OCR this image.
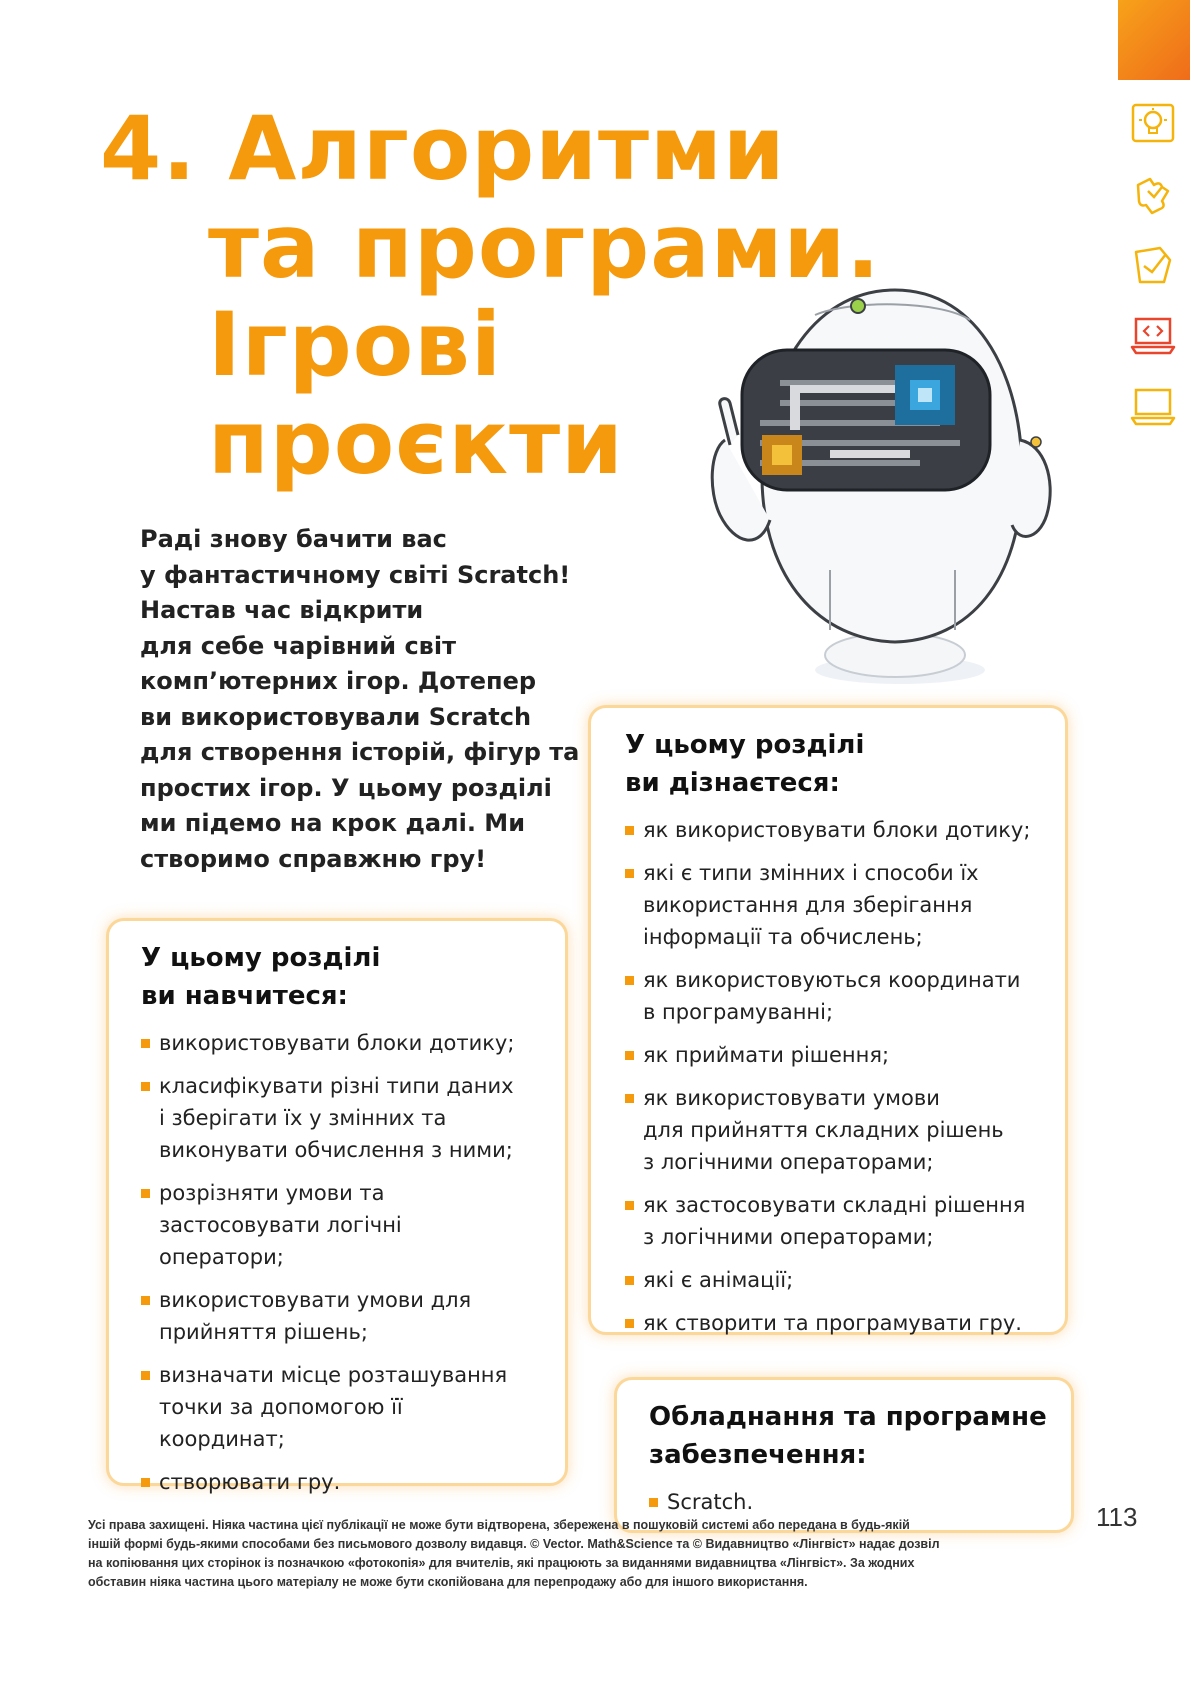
4. Алгоритми
та програми.
Ігрові
проєкти

Раді знову бачити вас
у фантастичному світі Scratch!
Настав час відкрити
для себе чарівний світ
комп’ютерних ігор. Дотепер
ви використовували Scratch
для створення історій, фігур та
простих ігор. У цьому розділі
ми підемо на крок далі. Ми
створимо справжню гру!

У цьому розділі
ви навчитеся:
використовувати блоки дотику;
класифікувати різні типи даних
і зберігати їх у змінних та
виконувати обчислення з ними;
розрізняти умови та
застосовувати логічні
оператори;
використовувати умови для
прийняття рішень;
визначати місце розташування
точки за допомогою її
координат;
створювати гру.
У цьому розділі
ви дізнаєтеся:
як використовувати блоки дотику;
які є типи змінних і способи їх
використання для зберігання
інформації та обчислень;
як використовуються координати
в програмуванні;
як приймати рішення;
як використовувати умови
для прийняття складних рішень
з логічними операторами;
як застосовувати складні рішення
з логічними операторами;
які є анімації;
як створити та програмувати гру.
Обладнання та програмне
забезпечення:
Scratch.	113

Усі права захищені. Ніяка частина цієї публікації не може бути відтворена, збережена в пошуковій системі або передана в будь-якій
іншій формі будь-якими способами без письмового дозволу видавця. © Vector. Math&Science та © Видавництво «Лінгвіст» надає дозвіл
на копіювання цих сторінок із позначкою «фотокопія» для вчителів, які працюють за виданнями видавництва «Лінгвіст». За жодних
обставин ніяка частина цього матеріалу не може бути скопійована для перепродажу або для іншого використання.
